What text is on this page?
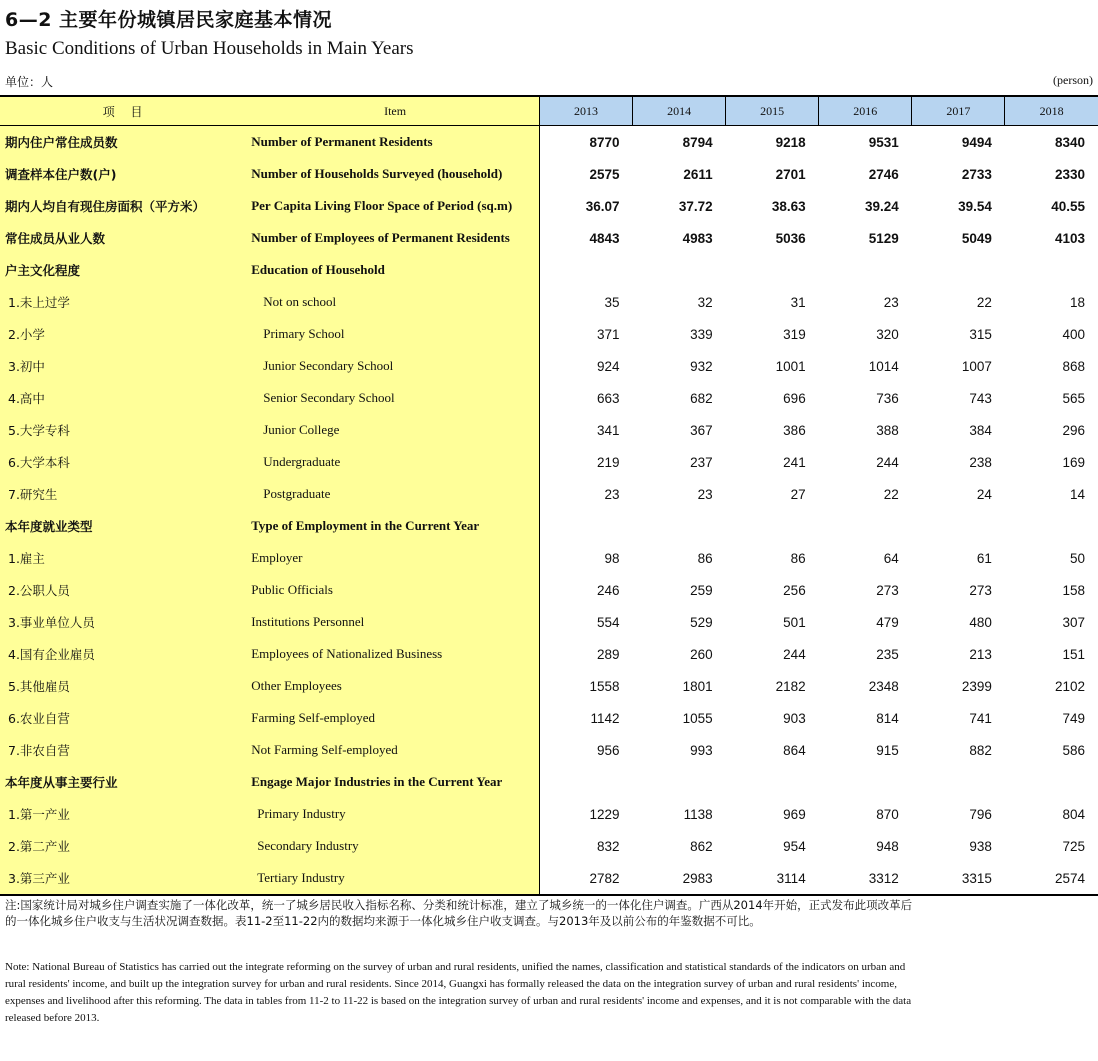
6—2 主要年份城镇居民家庭基本情况
Basic Conditions of Urban Households in Main Years
单位：人	(person)
项 目	Item	2013	2014	2015	2016	2017	2018
期内住户常住成员数	Number of Permanent Residents	8770	8794	9218	9531	9494	8340
调查样本住户数(户)	Number of Households Surveyed (household)	2575	2611	2701	2746	2733	2330
期内人均自有现住房面积（平方米）	Per Capita Living Floor Space of Period (sq.m)	36.07	37.72	38.63	39.24	39.54	40.55
常住成员从业人数	Number of Employees of Permanent Residents	4843	4983	5036	5129	5049	4103
户主文化程度	Education of Household						
1.未上过学	Not on school	35	32	31	23	22	18
2.小学	Primary School	371	339	319	320	315	400
3.初中	Junior Secondary School	924	932	1001	1014	1007	868
4.高中	Senior Secondary School	663	682	696	736	743	565
5.大学专科	Junior College	341	367	386	388	384	296
6.大学本科	Undergraduate	219	237	241	244	238	169
7.研究生	Postgraduate	23	23	27	22	24	14
本年度就业类型	Type of Employment in the Current Year						
1.雇主	Employer	98	86	86	64	61	50
2.公职人员	Public Officials	246	259	256	273	273	158
3.事业单位人员	Institutions Personnel	554	529	501	479	480	307
4.国有企业雇员	Employees of Nationalized Business	289	260	244	235	213	151
5.其他雇员	Other Employees	1558	1801	2182	2348	2399	2102
6.农业自营	Farming Self-employed	1142	1055	903	814	741	749
7.非农自营	Not Farming Self-employed	956	993	864	915	882	586
本年度从事主要行业	Engage Major Industries in the Current Year						
1.第一产业	Primary Industry	1229	1138	969	870	796	804
2.第二产业	Secondary Industry	832	862	954	948	938	725
3.第三产业	Tertiary Industry	2782	2983	3114	3312	3315	2574
注:国家统计局对城乡住户调查实施了一体化改革，统一了城乡居民收入指标名称、分类和统计标准，建立了城乡统一的一体化住户调查。广西从2014年开始，正式发布此项改革后的一体化城乡住户收支与生活状况调查数据。表11-2至11-22内的数据均来源于一体化城乡住户收支调查。与2013年及以前公布的年鉴数据不可比。
Note: National Bureau of Statistics has carried out the integrate reforming on the survey of urban and rural residents, unified the names, classification and statistical standards of the indicators on urban and rural residents' income, and built up the integration survey for urban and rural residents. Since 2014, Guangxi has formally released the data on the integration survey of urban and rural residents' income, expenses and livelihood after this reforming. The data in tables from 11-2 to 11-22 is based on the integration survey of urban and rural residents' income and expenses, and it is not comparable with the data released before 2013.
